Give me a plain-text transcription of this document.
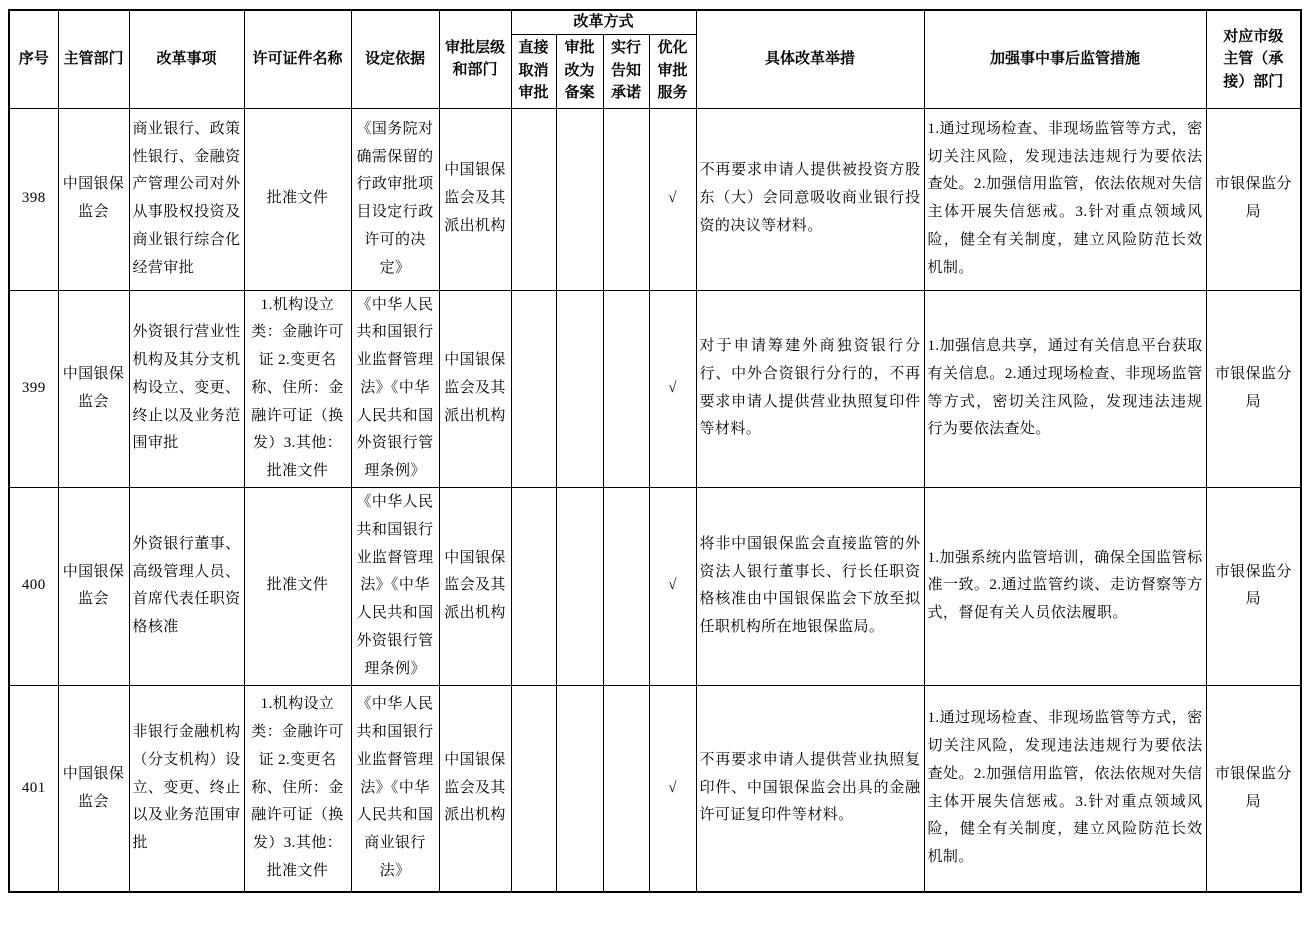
序号	主管部门	改革事项	许可证件名称	设定依据	审批层级和部门	改革方式				具体改革举措	加强事中事后监管措施	对应市级主管（承接）部门
						直接取消审批	审批改为备案	实行告知承诺	优化审批服务			
398	中国银保监会	商业银行、政策性银行、金融资产管理公司对外从事股权投资及商业银行综合化经营审批	批准文件	《国务院对确需保留的行政审批项目设定行政许可的决定》	中国银保监会及其派出机构				√	不再要求申请人提供被投资方股东（大）会同意吸收商业银行投资的决议等材料。	1.通过现场检查、非现场监管等方式，密切关注风险，发现违法违规行为要依法查处。2.加强信用监管，依法依规对失信主体开展失信惩戒。3.针对重点领域风险，健全有关制度，建立风险防范长效机制。	市银保监分局
399	中国银保监会	外资银行营业性机构及其分支机构设立、变更、终止以及业务范围审批	1.机构设立类：金融许可证 2.变更名称、住所：金融许可证（换发）3.其他：批准文件	《中华人民共和国银行业监督管理法》《中华人民共和国外资银行管理条例》	中国银保监会及其派出机构				√	对于申请筹建外商独资银行分行、中外合资银行分行的，不再要求申请人提供营业执照复印件等材料。	1.加强信息共享，通过有关信息平台获取有关信息。2.通过现场检查、非现场监管等方式，密切关注风险，发现违法违规行为要依法查处。	市银保监分局
400	中国银保监会	外资银行董事、高级管理人员、首席代表任职资格核准	批准文件	《中华人民共和国银行业监督管理法》《中华人民共和国外资银行管理条例》	中国银保监会及其派出机构				√	将非中国银保监会直接监管的外资法人银行董事长、行长任职资格核准由中国银保监会下放至拟任职机构所在地银保监局。	1.加强系统内监管培训，确保全国监管标准一致。2.通过监管约谈、走访督察等方式，督促有关人员依法履职。	市银保监分局
401	中国银保监会	非银行金融机构（分支机构）设立、变更、终止以及业务范围审批	1.机构设立类：金融许可证 2.变更名称、住所：金融许可证（换发）3.其他：批准文件	《中华人民共和国银行业监督管理法》《中华人民共和国商业银行法》	中国银保监会及其派出机构				√	不再要求申请人提供营业执照复印件、中国银保监会出具的金融许可证复印件等材料。	1.通过现场检查、非现场监管等方式，密切关注风险，发现违法违规行为要依法查处。2.加强信用监管，依法依规对失信主体开展失信惩戒。3.针对重点领域风险，健全有关制度，建立风险防范长效机制。	市银保监分局
